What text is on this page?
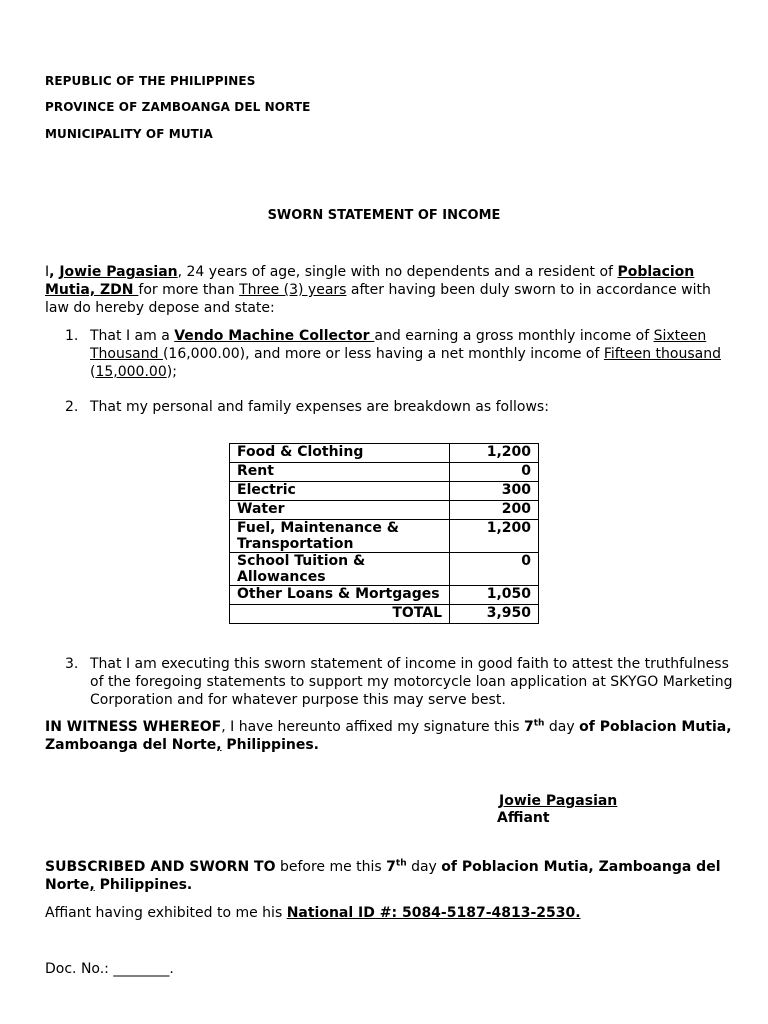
REPUBLIC OF THE PHILIPPINES
PROVINCE OF ZAMBOANGA DEL NORTE
MUNICIPALITY OF MUTIA
SWORN STATEMENT OF INCOME
I, Jowie Pagasian, 24 years of age, single with no dependents and a resident of Poblacion Mutia, ZDN for more than Three (3) years after having been duly sworn to in accordance with law do hereby depose and state:
1. That I am a Vendo Machine Collector and earning a gross monthly income of Sixteen Thousand (16,000.00), and more or less having a net monthly income of Fifteen thousand (15,000.00);
2. That my personal and family expenses are breakdown as follows:
Food & Clothing	1,200
Rent	0
Electric	300
Water	200
Fuel, Maintenance & Transportation	1,200
School Tuition & Allowances	0
Other Loans & Mortgages	1,050
TOTAL	3,950
3. That I am executing this sworn statement of income in good faith to attest the truthfulness of the foregoing statements to support my motorcycle loan application at SKYGO Marketing Corporation and for whatever purpose this may serve best.
IN WITNESS WHEREOF, I have hereunto affixed my signature this 7th day of Poblacion Mutia, Zamboanga del Norte, Philippines.
Jowie Pagasian
Affiant
SUBSCRIBED AND SWORN TO before me this 7th day of Poblacion Mutia, Zamboanga del Norte, Philippines.
Affiant having exhibited to me his National ID #: 5084-5187-4813-2530.
Doc. No.: ________.
